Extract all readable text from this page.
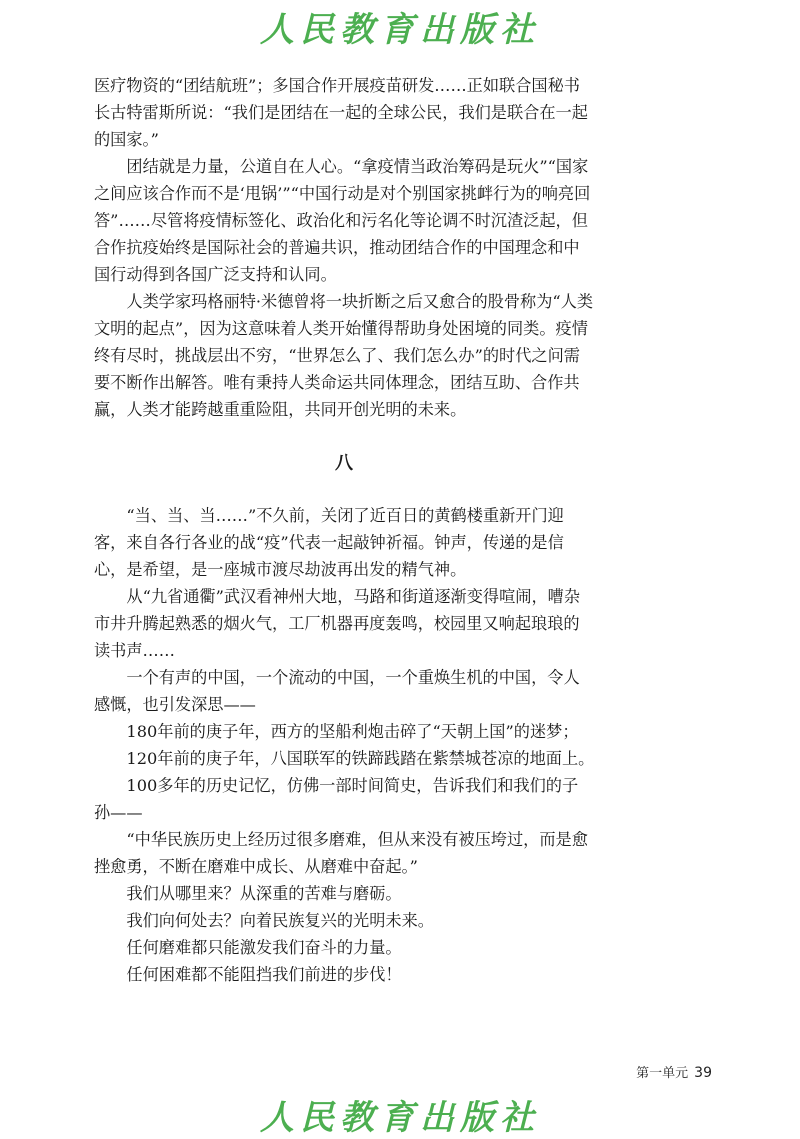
人民教育出版社

医疗物资的“团结航班”；多国合作开展疫苗研发……正如联合国秘书长古特雷斯所说：“我们是团结在一起的全球公民，我们是联合在一起的国家。”

团结就是力量，公道自在人心。“拿疫情当政治筹码是玩火”“国家之间应该合作而不是‘甩锅’”“中国行动是对个别国家挑衅行为的响亮回答”……尽管将疫情标签化、政治化和污名化等论调不时沉渣泛起，但合作抗疫始终是国际社会的普遍共识，推动团结合作的中国理念和中国行动得到各国广泛支持和认同。

人类学家玛格丽特·米德曾将一块折断之后又愈合的股骨称为“人类文明的起点”，因为这意味着人类开始懂得帮助身处困境的同类。疫情终有尽时，挑战层出不穷，“世界怎么了、我们怎么办”的时代之问需要不断作出解答。唯有秉持人类命运共同体理念，团结互助、合作共赢，人类才能跨越重重险阻，共同开创光明的未来。

八

“当、当、当……”不久前，关闭了近百日的黄鹤楼重新开门迎客，来自各行各业的战“疫”代表一起敲钟祈福。钟声，传递的是信心，是希望，是一座城市渡尽劫波再出发的精气神。

从“九省通衢”武汉看神州大地，马路和街道逐渐变得喧闹，嘈杂市井升腾起熟悉的烟火气，工厂机器再度轰鸣，校园里又响起琅琅的读书声……

一个有声的中国，一个流动的中国，一个重焕生机的中国，令人感慨，也引发深思——

180年前的庚子年，西方的坚船利炮击碎了“天朝上国”的迷梦；

120年前的庚子年，八国联军的铁蹄践踏在紫禁城苍凉的地面上。

100多年的历史记忆，仿佛一部时间简史，告诉我们和我们的子孙——

“中华民族历史上经历过很多磨难，但从来没有被压垮过，而是愈挫愈勇，不断在磨难中成长、从磨难中奋起。”

我们从哪里来？从深重的苦难与磨砺。

我们向何处去？向着民族复兴的光明未来。

任何磨难都只能激发我们奋斗的力量。

任何困难都不能阻挡我们前进的步伐！

第一单元 39
人民教育出版社
